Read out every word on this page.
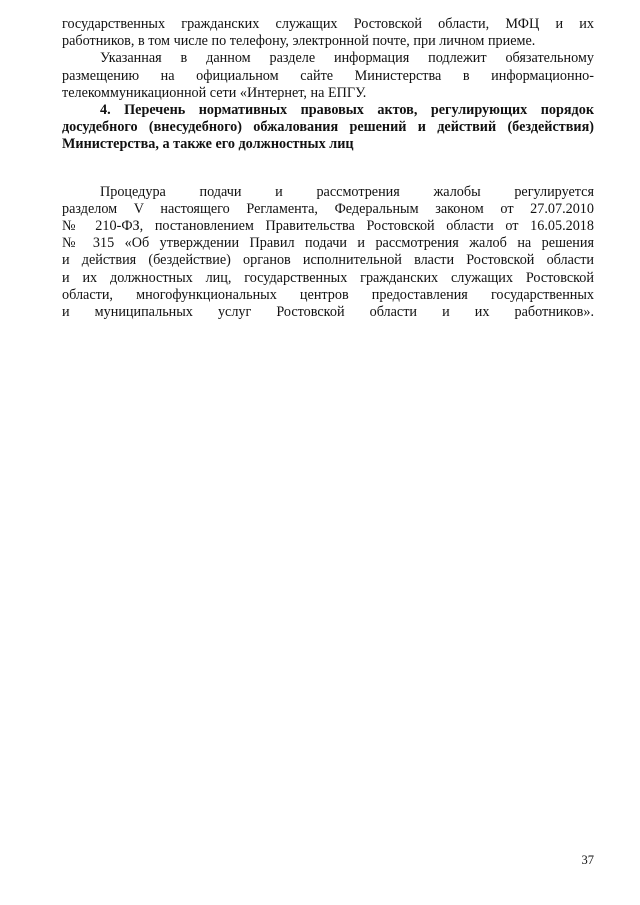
государственных гражданских служащих Ростовской области, МФЦ и их
работников, в том числе по телефону, электронной почте, при личном приеме.

Указанная в данном разделе информация подлежит обязательному
размещению на официальном сайте Министерства в информационно-
телекоммуникационной сети «Интернет, на ЕПГУ.

4. Перечень нормативных правовых актов, регулирующих порядок
досудебного (внесудебного) обжалования решений и действий (бездействия)
Министерства, а также его должностных лиц

Процедура подачи и рассмотрения жалобы регулируется
разделом V настоящего Регламента, Федеральным законом от 27.07.2010
№ 210-ФЗ, постановлением Правительства Ростовской области от 16.05.2018
№ 315 «Об утверждении Правил подачи и рассмотрения жалоб на решения
и действия (бездействие) органов исполнительной власти Ростовской области
и их должностных лиц, государственных гражданских служащих Ростовской
области, многофункциональных центров предоставления государственных
и муниципальных услуг Ростовской области и их работников».

37
